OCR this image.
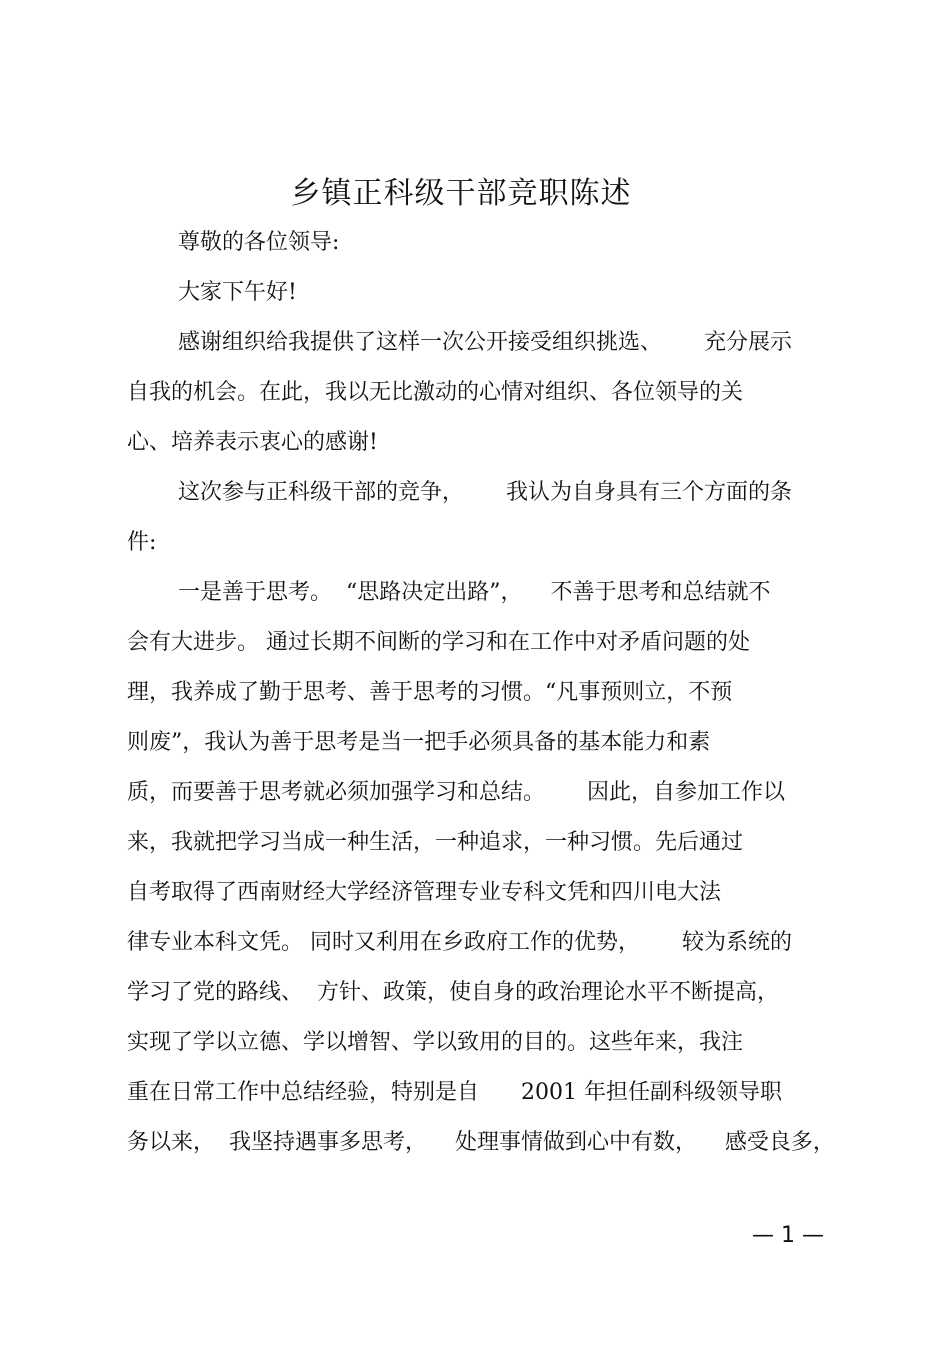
乡镇正科级干部竞职陈述
尊敬的各位领导:
大家下午好!
感谢组织给我提供了这样一次公开接受组织挑选、      充分展示
自我的机会。在此，我以无比激动的心情对组织、各位领导的关
心、培养表示衷心的感谢!
这次参与正科级干部的竞争，      我认为自身具有三个方面的条
件:
一是善于思考。  “思路决定出路”，    不善于思考和总结就不
会有大进步。 通过长期不间断的学习和在工作中对矛盾问题的处
理，我养成了勤于思考、善于思考的习惯。“凡事预则立，不预
则废”，我认为善于思考是当一把手必须具备的基本能力和素
质，而要善于思考就必须加强学习和总结。      因此，自参加工作以
来，我就把学习当成一种生活，一种追求，一种习惯。先后通过
自考取得了西南财经大学经济管理专业专科文凭和四川电大法
律专业本科文凭。 同时又利用在乡政府工作的优势，      较为系统的
学习了党的路线、  方针、政策，使自身的政治理论水平不断提高，
实现了学以立德、学以增智、学以致用的目的。这些年来，我注
重在日常工作中总结经验，特别是自      2001 年担任副科级领导职
务以来，  我坚持遇事多思考，    处理事情做到心中有数，    感受良多，
— 1 —
